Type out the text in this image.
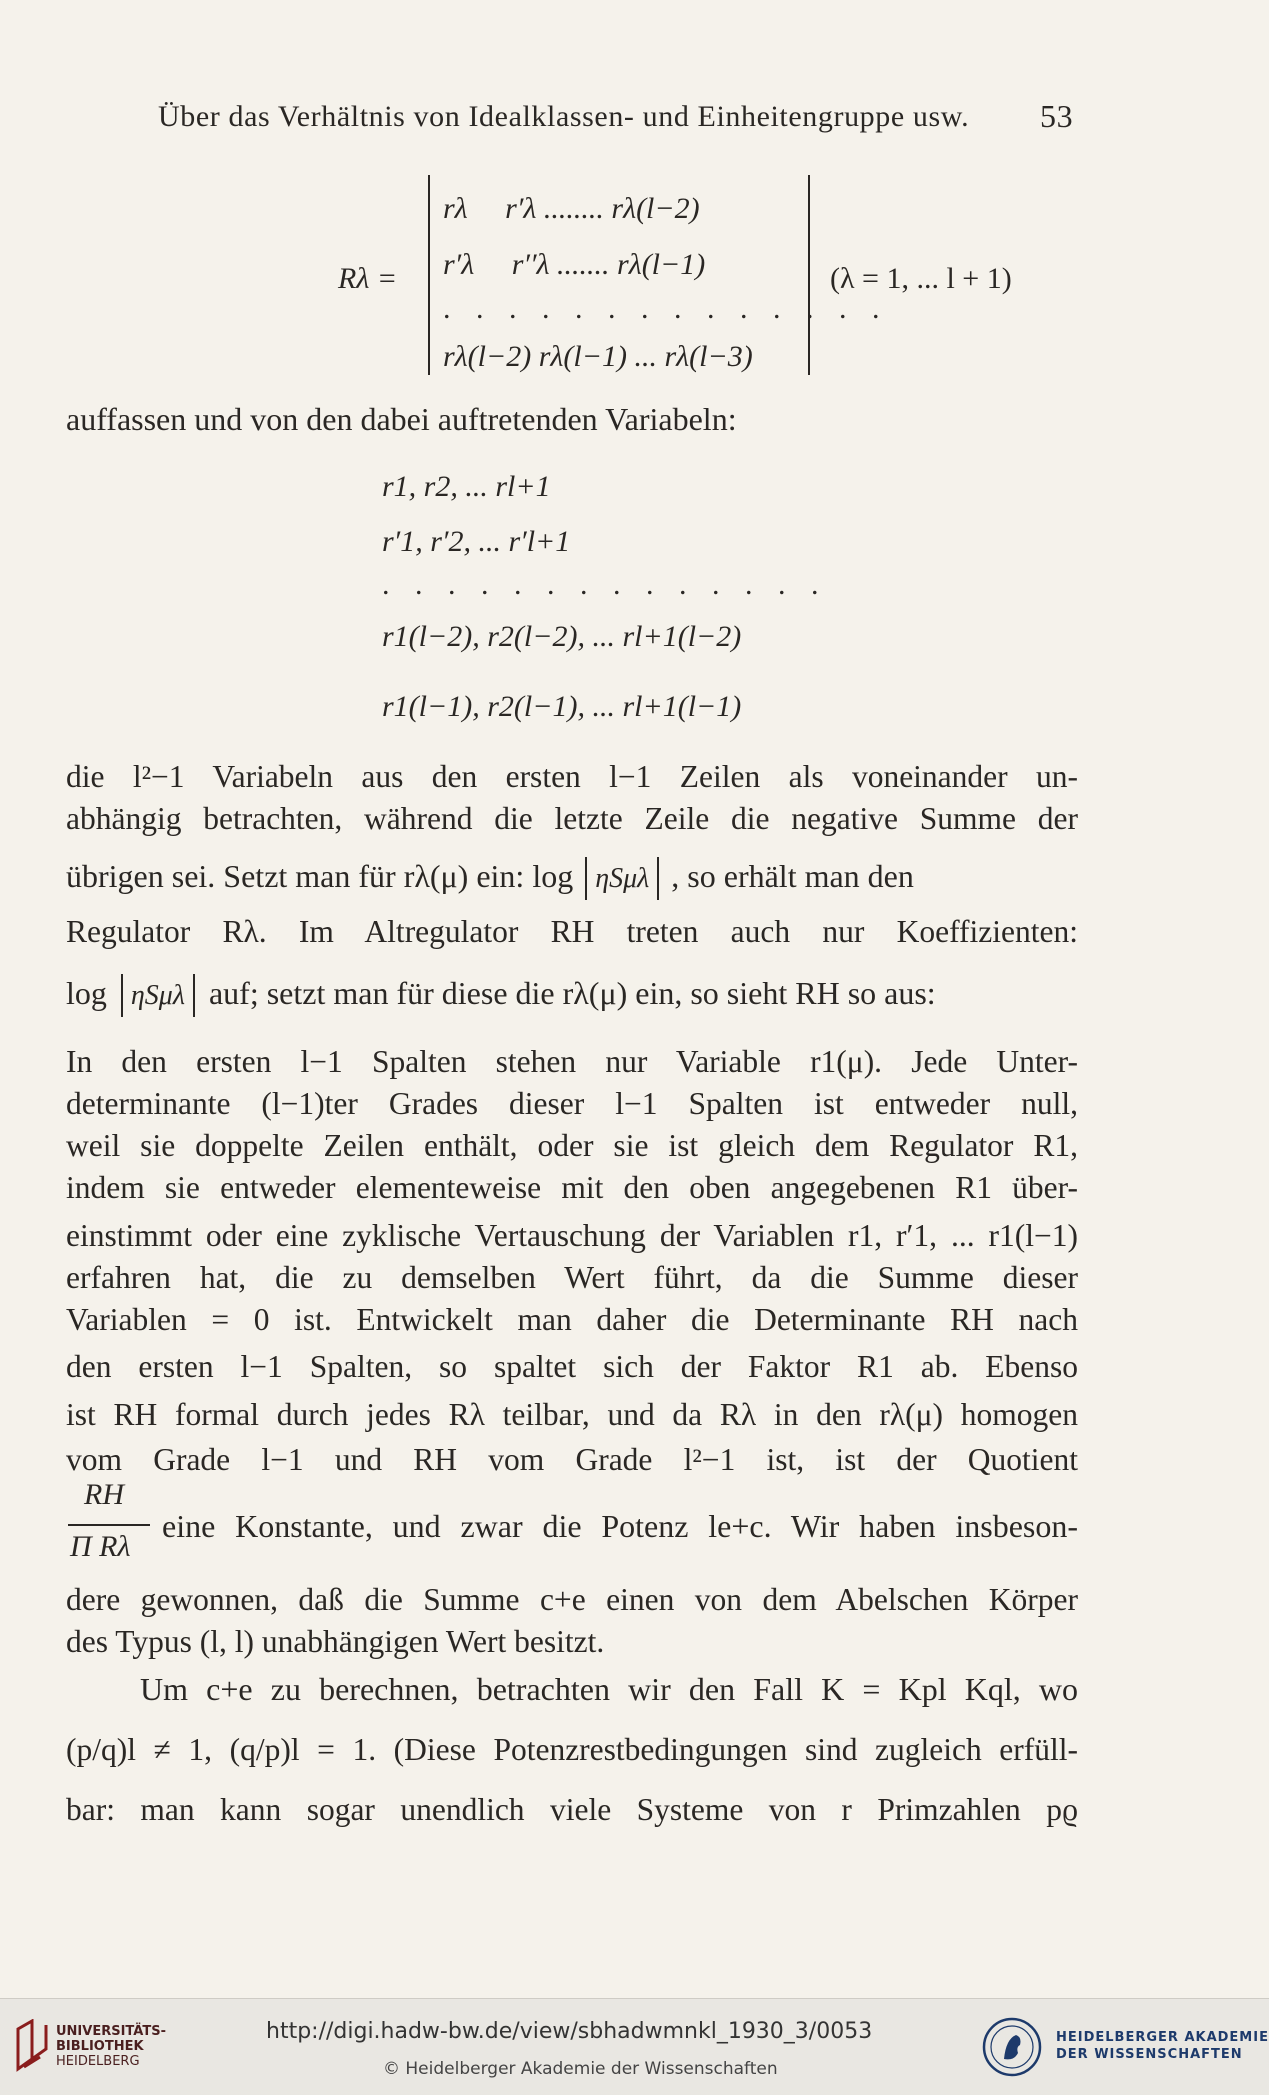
Über das Verhältnis von Idealklassen- und Einheitengruppe usw. 53
Rλ =
rλ r′λ ........ rλ(l−2)
r′λ r′′λ ....... rλ(l−1)
. . . . . . . . . . . . . .
rλ(l−2) rλ(l−1) ... rλ(l−3)
(λ = 1, ... l + 1)
auffassen und von den dabei auftretenden Variabeln:
r1, r2, ... rl+1
r′1, r′2, ... r′l+1
. . . . . . . . . . . . . .
r1(l−2), r2(l−2), ... rl+1(l−2)
r1(l−1), r2(l−1), ... rl+1(l−1)
die l²−1 Variabeln aus den ersten l−1 Zeilen als voneinander un-
abhängig betrachten, während die letzte Zeile die negative Summe der
übrigen sei. Setzt man für rλ(μ) ein: log ηSμλ , so erhält man den
Regulator Rλ. Im Altregulator RH treten auch nur Koeffizienten:
log ηSμλ auf; setzt man für diese die rλ(μ) ein, so sieht RH so aus:
In den ersten l−1 Spalten stehen nur Variable r1(μ). Jede Unter-
determinante (l−1)ter Grades dieser l−1 Spalten ist entweder null,
weil sie doppelte Zeilen enthält, oder sie ist gleich dem Regulator R1,
indem sie entweder elementeweise mit den oben angegebenen R1 über-
einstimmt oder eine zyklische Vertauschung der Variablen r1, r′1, ... r1(l−1)
erfahren hat, die zu demselben Wert führt, da die Summe dieser
Variablen = 0 ist. Entwickelt man daher die Determinante RH nach
den ersten l−1 Spalten, so spaltet sich der Faktor R1 ab. Ebenso
ist RH formal durch jedes Rλ teilbar, und da Rλ in den rλ(μ) homogen
vom Grade l−1 und RH vom Grade l²−1 ist, ist der Quotient
RH
Π Rλ
eine Konstante, und zwar die Potenz le+c. Wir haben insbeson-
dere gewonnen, daß die Summe c+e einen von dem Abelschen Körper
des Typus (l, l) unabhängigen Wert besitzt.
Um c+e zu berechnen, betrachten wir den Fall K = Kpl Kql, wo
(p/q)l ≠ 1, (q/p)l = 1. (Diese Potenzrestbedingungen sind zugleich erfüll-
bar: man kann sogar unendlich viele Systeme von r Primzahlen pϱ
UNIVERSITÄTS-
BIBLIOTHEK
HEIDELBERG
http://digi.hadw-bw.de/view/sbhadwmnkl_1930_3/0053
© Heidelberger Akademie der Wissenschaften
HEIDELBERGER AKADEMIE
DER WISSENSCHAFTEN
